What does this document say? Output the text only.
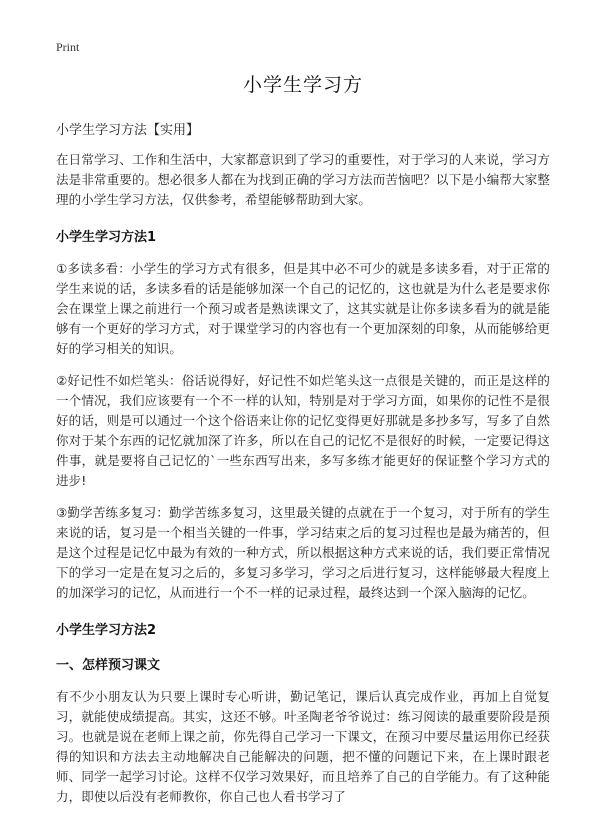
Print
小学生学习方
小学生学习方法【实用】

在日常学习、工作和生活中，大家都意识到了学习的重要性，对于学习的人来说，学习方法是非常重要的。想必很多人都在为找到正确的学习方法而苦恼吧？以下是小编帮大家整理的小学生学习方法，仅供参考，希望能够帮助到大家。

小学生学习方法1

①多读多看：小学生的学习方式有很多，但是其中必不可少的就是多读多看，对于正常的学生来说的话，多读多看的话是能够加深一个自己的记忆的，这也就是为什么老是要求你会在课堂上课之前进行一个预习或者是熟读课文了，这其实就是让你多读多看为的就是能够有一个更好的学习方式，对于课堂学习的内容也有一个更加深刻的印象，从而能够给更好的学习相关的知识。

②好记性不如烂笔头：俗话说得好，好记性不如烂笔头这一点很是关键的，而正是这样的一个情况，我们应该要有一个不一样的认知，特别是对于学习方面，如果你的记性不是很好的话，则是可以通过一个这个俗语来让你的记忆变得更好那就是多抄多写，写多了自然你对于某个东西的记忆就加深了许多，所以在自己的记忆不是很好的时候，一定要记得这件事，就是要将自己记忆的`一些东西写出来，多写多练才能更好的保证整个学习方式的进步!

③勤学苦练多复习：勤学苦练多复习，这里最关键的点就在于一个复习，对于所有的学生来说的话，复习是一个相当关键的一件事，学习结束之后的复习过程也是最为痛苦的，但是这个过程是记忆中最为有效的一种方式，所以根据这种方式来说的话，我们要正常情况下的学习一定是在复习之后的，多复习多学习，学习之后进行复习，这样能够最大程度上的加深学习的记忆，从而进行一个不一样的记录过程，最终达到一个深入脑海的记忆。

小学生学习方法2
一、怎样预习课文

有不少小朋友认为只要上课时专心听讲，勤记笔记，课后认真完成作业，再加上自觉复习，就能使成绩提高。其实，这还不够。叶圣陶老爷爷说过：练习阅读的最重要阶段是预习。也就是说在老师上课之前，你先得自己学习一下课文，在预习中要尽量运用你已经获得的知识和方法去主动地解决自己能解决的问题，把不懂的问题记下来，在上课时跟老师、同学一起学习讨论。这样不仅学习效果好，而且培养了自己的自学能力。有了这种能力，即使以后没有老师教你，你自己也人看书学习了
